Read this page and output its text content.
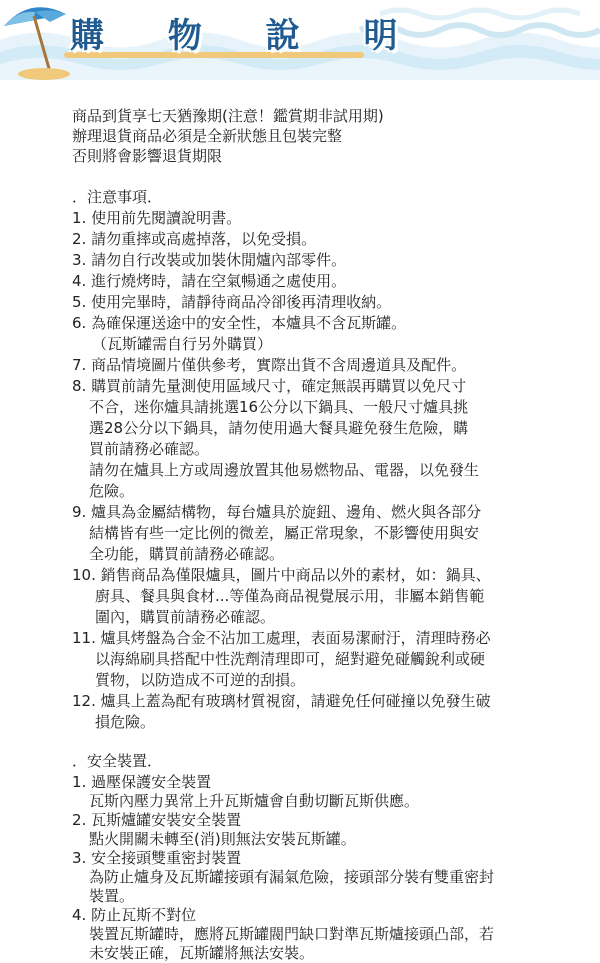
購 物 說 明
商品到貨享七天猶豫期(注意！鑑賞期非試用期)
辦理退貨商品必須是全新狀態且包裝完整
否則將會影響退貨期限
．注意事項．
1. 使用前先閱讀說明書。
2. 請勿重摔或高處掉落，以免受損。
3. 請勿自行改裝或加裝休閒爐內部零件。
4. 進行燒烤時，請在空氣暢通之處使用。
5. 使用完畢時，請靜待商品冷卻後再清理收納。
6. 為確保運送途中的安全性，本爐具不含瓦斯罐。
（瓦斯罐需自行另外購買）
7. 商品情境圖片僅供參考，實際出貨不含周邊道具及配件。
8. 購買前請先量測使用區域尺寸，確定無誤再購買以免尺寸
不合，迷你爐具請挑選16公分以下鍋具、一般尺寸爐具挑
選28公分以下鍋具，請勿使用過大餐具避免發生危險，購
買前請務必確認。
請勿在爐具上方或周邊放置其他易燃物品、電器，以免發生
危險。
9. 爐具為金屬結構物，每台爐具於旋鈕、邊角、燃火與各部分
結構皆有些一定比例的微差，屬正常現象，不影響使用與安
全功能，購買前請務必確認。
10. 銷售商品為僅限爐具，圖片中商品以外的素材，如：鍋具、
廚具、餐具與食材...等僅為商品視覺展示用，非屬本銷售範
圍內，購買前請務必確認。
11. 爐具烤盤為合金不沾加工處理，表面易潔耐汙，清理時務必
以海綿刷具搭配中性洗劑清理即可，絕對避免碰觸銳利或硬
質物，以防造成不可逆的刮損。
12. 爐具上蓋為配有玻璃材質視窗，請避免任何碰撞以免發生破
損危險。
．安全裝置．
1. 過壓保護安全裝置
瓦斯內壓力異常上升瓦斯爐會自動切斷瓦斯供應。
2. 瓦斯爐罐安裝安全裝置
點火開關未轉至(消)則無法安裝瓦斯罐。
3. 安全接頭雙重密封裝置
為防止爐身及瓦斯罐接頭有漏氣危險，接頭部分裝有雙重密封
裝置。
4. 防止瓦斯不對位
裝置瓦斯罐時，應將瓦斯罐閥門缺口對準瓦斯爐接頭凸部，若
未安裝正確，瓦斯罐將無法安裝。
